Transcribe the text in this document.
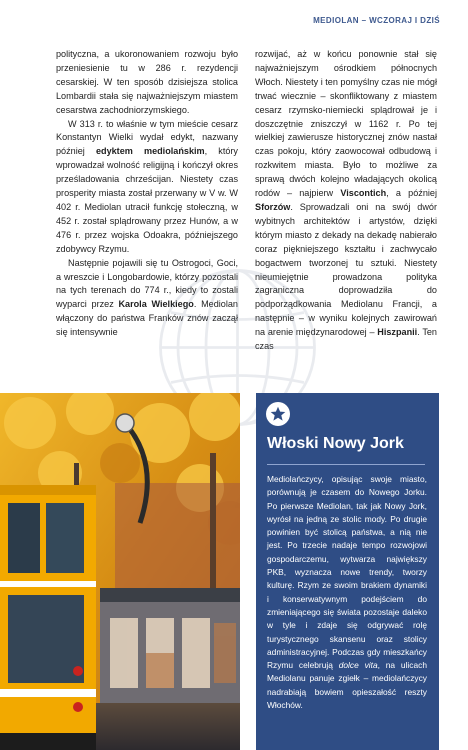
MEDIOLAN – WCZORAJ I DZIŚ

polityczna, a ukoronowaniem rozwoju było przeniesienie tu w 286 r. rezydencji cesarskiej. W ten sposób dzisiejsza stolica Lombardii stała się najważniejszym miastem cesarstwa zachodniorzymskiego.

W 313 r. to właśnie w tym mieście cesarz Konstantyn Wielki wydał edykt, nazwany później edyktem mediolańskim, który wprowadzał wolność religijną i kończył okres prześladowania chrześcijan. Niestety czas prosperity miasta został przerwany w V w. W 402 r. Mediolan utracił funkcję stołeczną, w 452 r. został splądrowany przez Hunów, a w 476 r. przez wojska Odoakra, późniejszego zdobywcy Rzymu.

Następnie pojawili się tu Ostrogoci, Goci, a wreszcie i Longobardowie, którzy pozostali na tych terenach do 774 r., kiedy to zostali wyparci przez Karola Wielkiego. Mediolan włączony do państwa Franków znów zaczął się intensywnie

rozwijać, aż w końcu ponownie stał się najważniejszym ośrodkiem północnych Włoch. Niestety i ten pomyślny czas nie mógł trwać wiecznie – skonfliktowany z miastem cesarz rzymsko-niemiecki splądrował je i doszczętnie zniszczył w 1162 r. Po tej wielkiej zawierusze historycznej znów nastał czas pokoju, który zaowocował odbudową i rozkwitem miasta. Było to możliwe za sprawą dwóch kolejno władających okolicą rodów – najpierw Viscontich, a później Sforzów. Sprowadzali oni na swój dwór wybitnych architektów i artystów, dzięki którym miasto z dekady na dekadę nabierało coraz piękniejszego kształtu i zachwycało bogactwem tworzonej tu sztuki. Niestety nieumiejętnie prowadzona polityka zagraniczna doprowadziła do podporządkowania Mediolanu Francji, a następnie – w wyniku kolejnych zawirowań na arenie międzynarodowej – Hiszpanii. Ten czas

Włoski Nowy Jork
Mediolańczycy, opisując swoje miasto, porównują je czasem do Nowego Jorku. Po pierwsze Mediolan, tak jak Nowy Jork, wyrósł na jedną ze stolic mody. Po drugie powinien być stolicą państwa, a nią nie jest. Po trzecie nadaje tempo rozwojowi gospodarczemu, wytwarza największy PKB, wyznacza nowe trendy, tworzy kulturę. Rzym ze swoim brakiem dynamiki i konserwatywnym podejściem do zmieniającego się świata pozostaje daleko w tyle i zdaje się odgrywać rolę turystycznego skansenu oraz stolicy administracyjnej. Podczas gdy mieszkańcy Rzymu celebrują dolce vita, na ulicach Mediolanu panuje zgiełk – mediolańczycy nadrabiają bowiem opieszałość reszty Włochów.
